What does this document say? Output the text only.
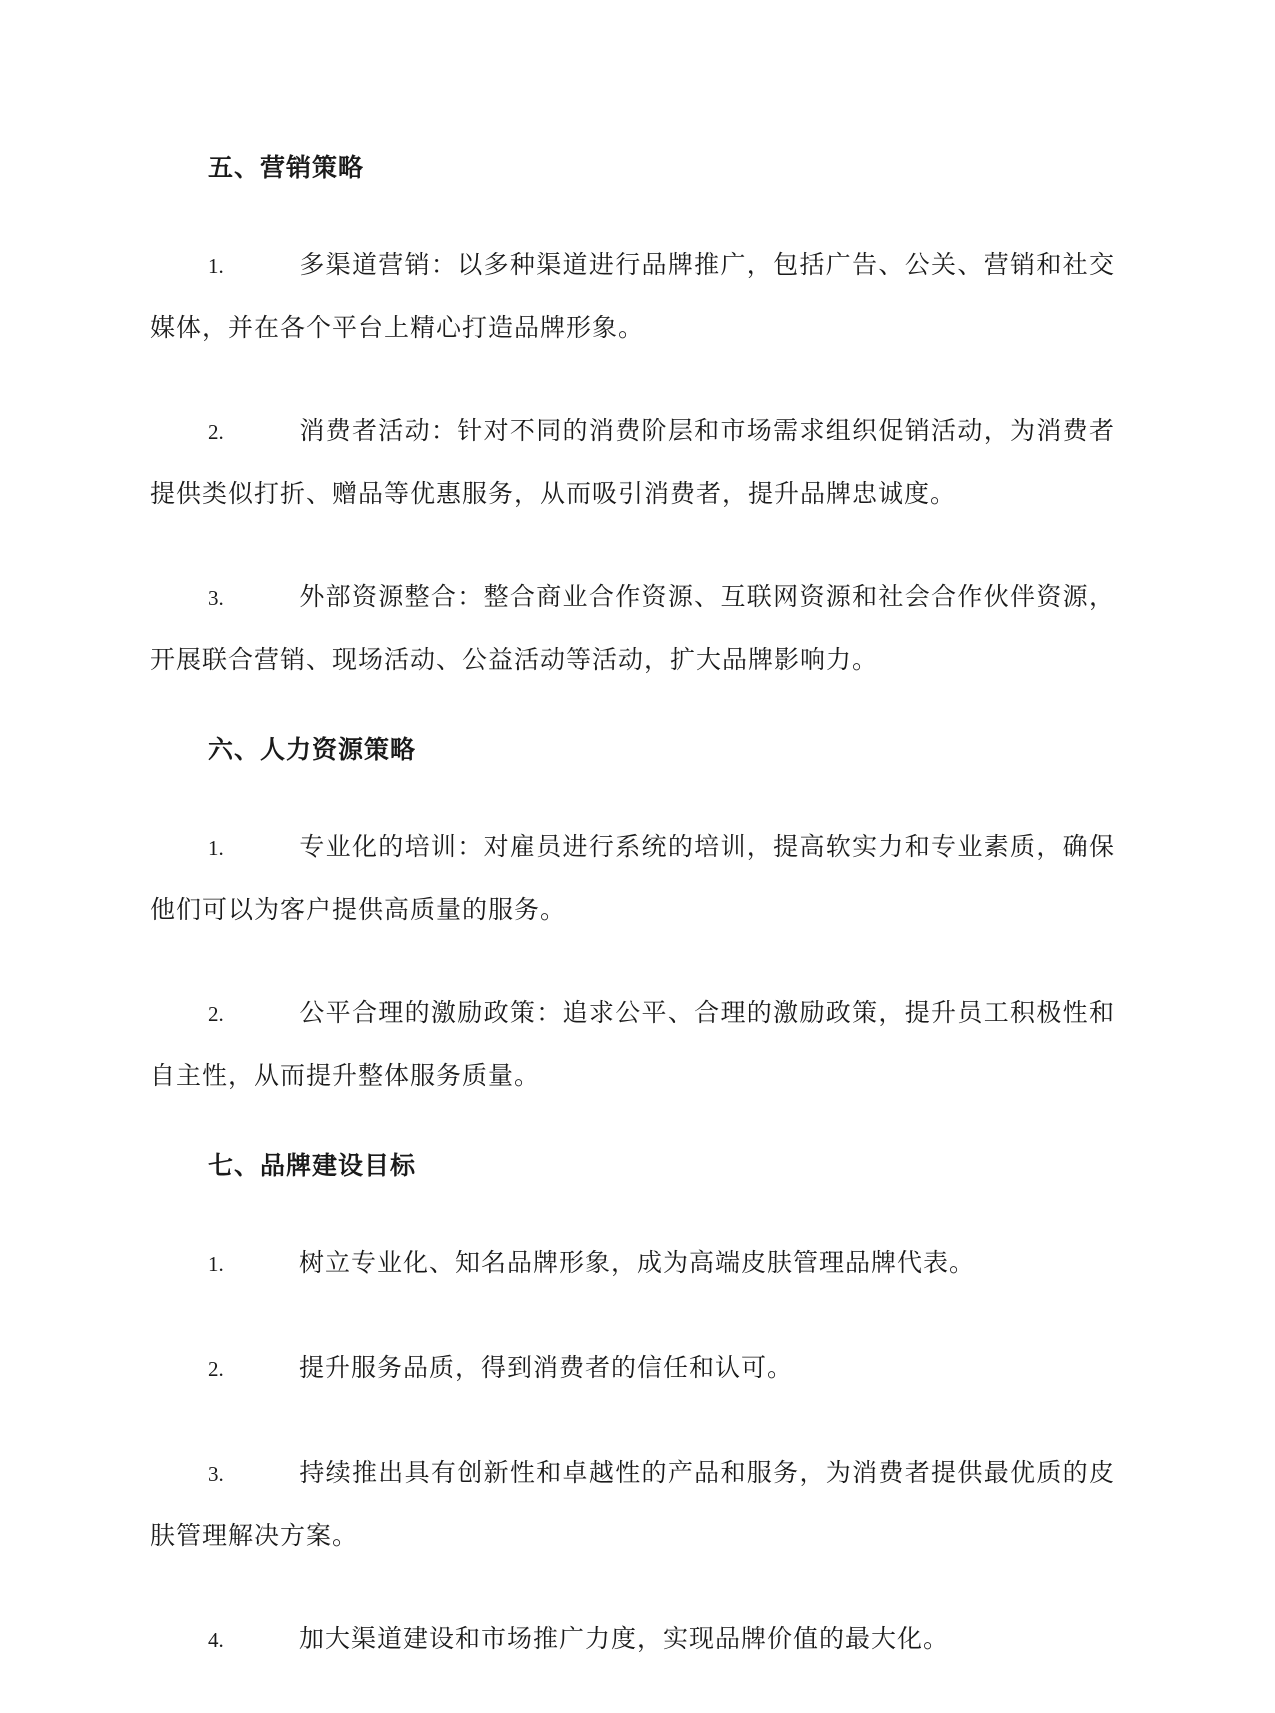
五、营销策略

1.	多渠道营销：以多种渠道进行品牌推广，包括广告、公关、营销和社交媒体，并在各个平台上精心打造品牌形象。

2.	消费者活动：针对不同的消费阶层和市场需求组织促销活动，为消费者提供类似打折、赠品等优惠服务，从而吸引消费者，提升品牌忠诚度。

3.	外部资源整合：整合商业合作资源、互联网资源和社会合作伙伴资源，开展联合营销、现场活动、公益活动等活动，扩大品牌影响力。

六、人力资源策略

1.	专业化的培训：对雇员进行系统的培训，提高软实力和专业素质，确保他们可以为客户提供高质量的服务。

2.	公平合理的激励政策：追求公平、合理的激励政策，提升员工积极性和自主性，从而提升整体服务质量。

七、品牌建设目标

1.	树立专业化、知名品牌形象，成为高端皮肤管理品牌代表。

2.	提升服务品质，得到消费者的信任和认可。

3.	持续推出具有创新性和卓越性的产品和服务，为消费者提供最优质的皮肤管理解决方案。

4.	加大渠道建设和市场推广力度，实现品牌价值的最大化。
